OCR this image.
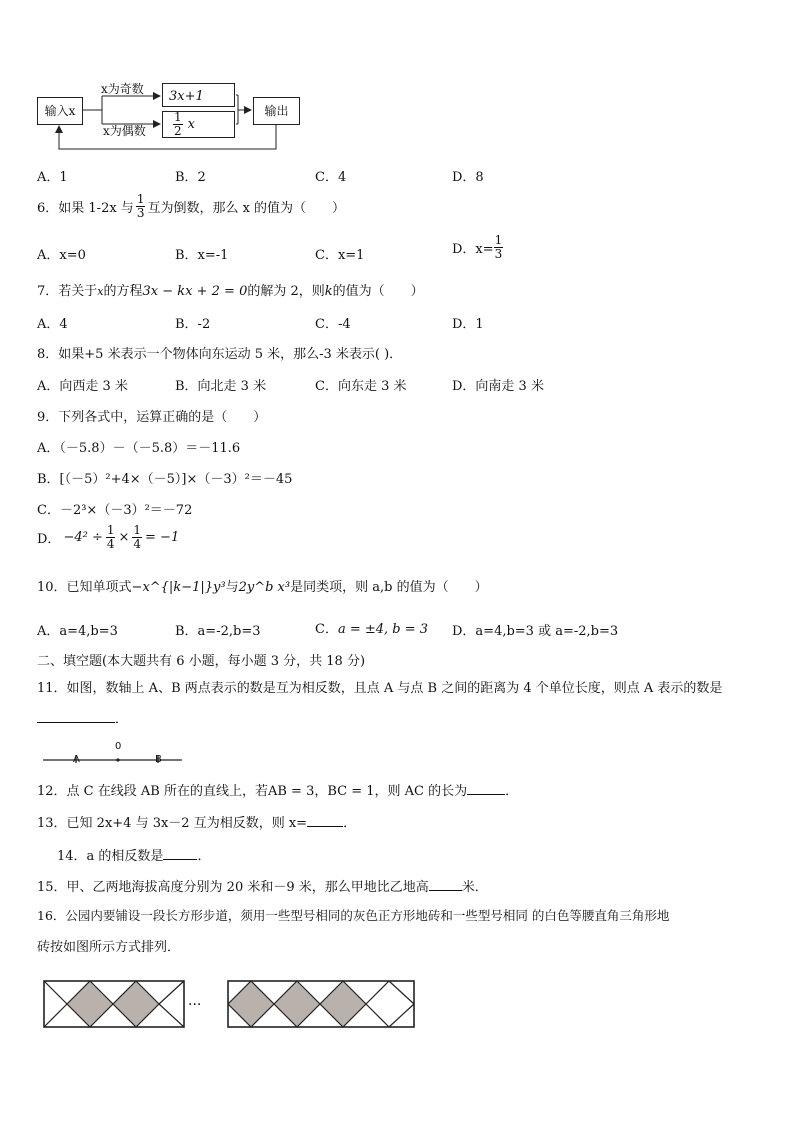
输入x
3x+1
$\frac{1}{2}$ x
输出
x为奇数
x为偶数
A．1	B．2	C．4	D．8
6．如果 1-2x 与 $\frac{1}{3}$ 互为倒数，那么 x 的值为（　　）
A．x=0	B．x=-1	C．x=1	D．$x= \frac{1}{3}$
7．若关于x的方程3x − kx + 2 = 0的解为 2，则k的值为（　　）
A．4	B．-2	C．-4	D．1
8．如果+5 米表示一个物体向东运动 5 米，那么-3 米表示( )．
A．向西走 3 米	B．向北走 3 米	C．向东走 3 米	D．向南走 3 米
9．下列各式中，运算正确的是（　　）
A．（－5.8）－（－5.8）＝－11.6
B．[（－5）²+4×（－5）]×（－3）²＝－45
C．－2³×（－3）²＝－72
D． $-4^2 \div \frac{1}{4} \times \frac{1}{4} = -1$
10．已知单项式−x^{|k−1|}y³与2y^b x³是同类项，则 a,b 的值为（　　）
A．a=4,b=3	B．a=-2,b=3	C．a = ±4, b = 3 D．a=4,b=3 或 a=-2,b=3
二、填空题(本大题共有 6 小题，每小题 3 分，共 18 分)
11．如图，数轴上 A、B 两点表示的数是互为相反数，且点 A 与点 B 之间的距离为 4 个单位长度，则点 A 表示的数是
．
0
A	B
12．点 C 在线段 AB 所在的直线上，若AB = 3，BC = 1，则 AC 的长为	．
13．已知 2x+4 与 3x－2 互为相反数，则 x=	．
14．a 的相反数是	．
15．甲、乙两地海拔高度分别为 20 米和－9 米，那么甲地比乙地高	米．
16．公园内要铺设一段长方形步道，须用一些型号相同的灰色正方形地砖和一些型号相同 的白色等腰直角三角形地
砖按如图所示方式排列．
···
